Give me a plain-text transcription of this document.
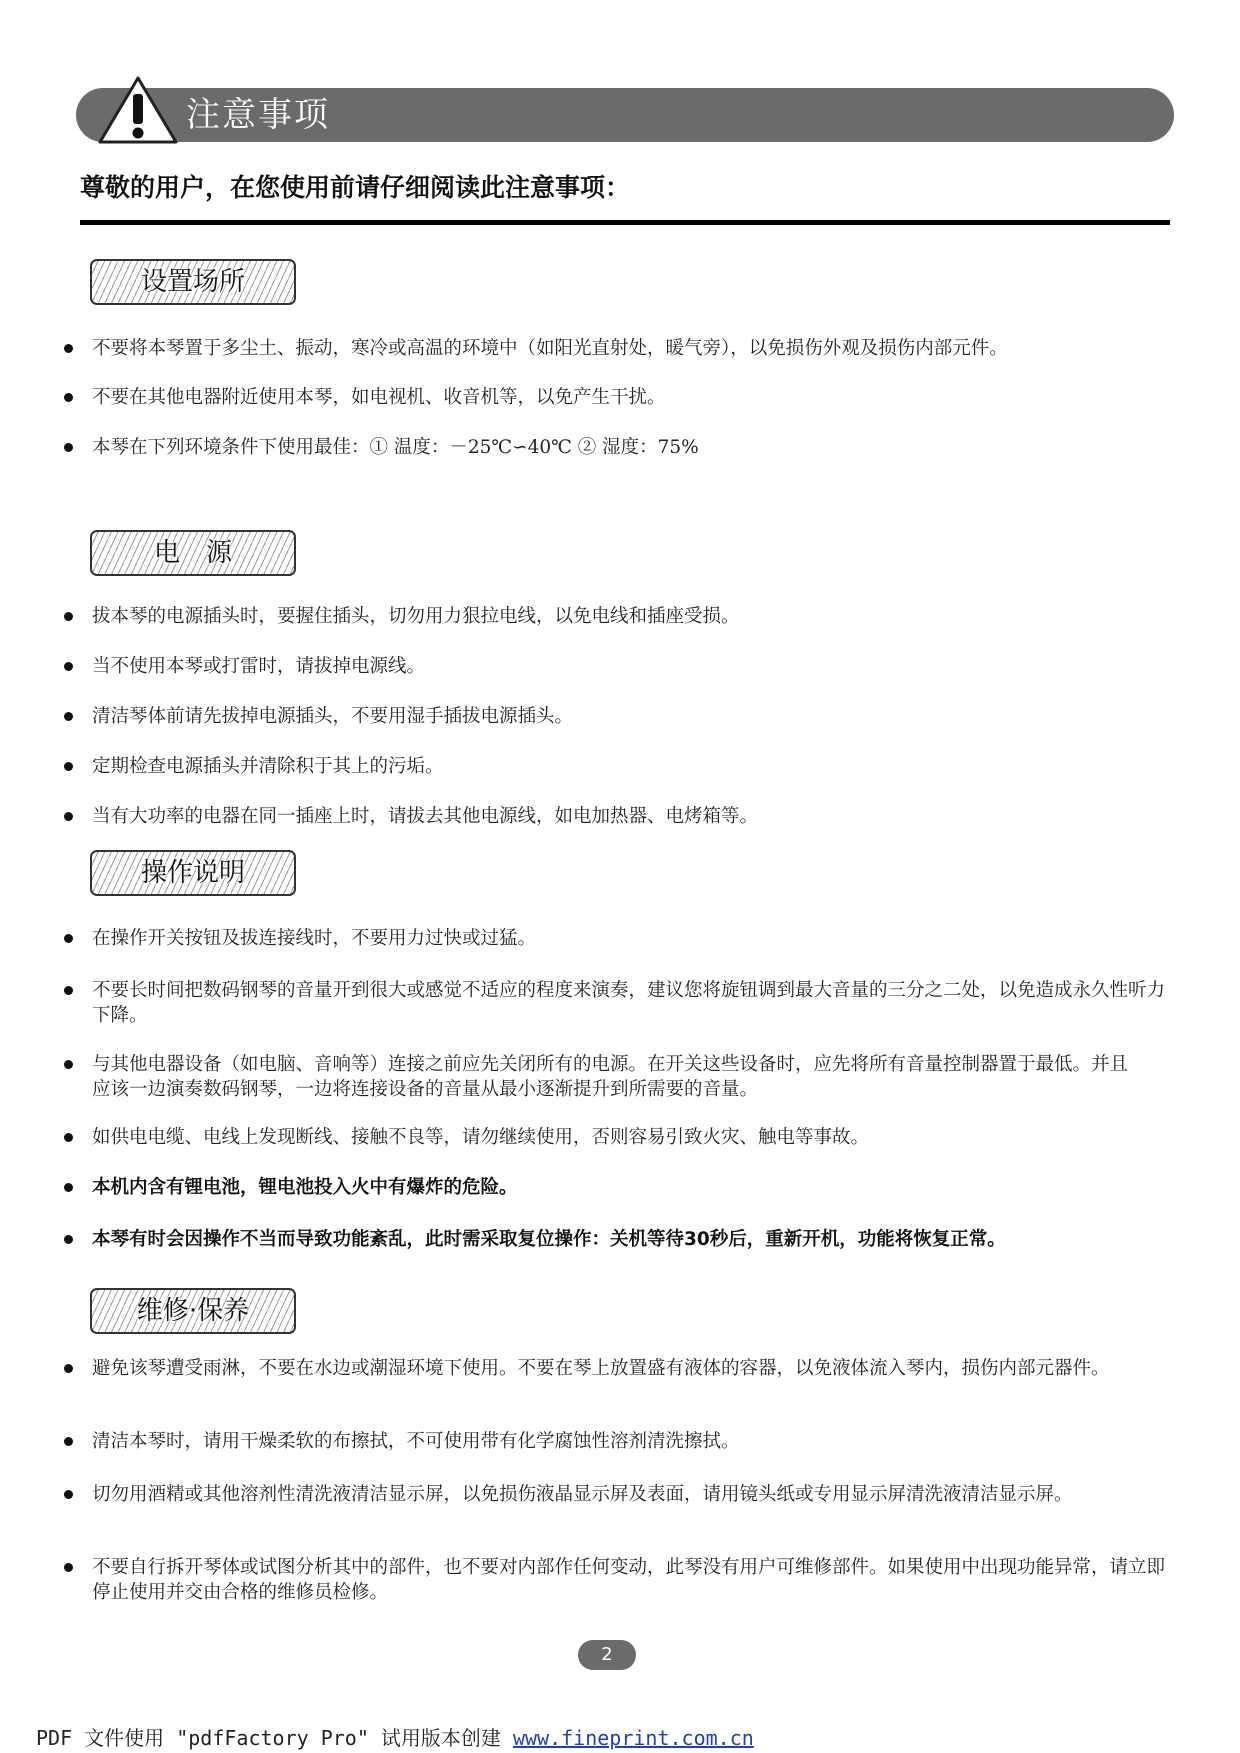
注意事项
尊敬的用户，在您使用前请仔细阅读此注意事项：
设置场所
不要将本琴置于多尘土、振动，寒冷或高温的环境中（如阳光直射处，暖气旁），以免损伤外观及损伤内部元件。
不要在其他电器附近使用本琴，如电视机、收音机等，以免产生干扰。
本琴在下列环境条件下使用最佳：① 温度：－25℃∽40℃ ② 湿度：75%
电　源
拔本琴的电源插头时，要握住插头，切勿用力狠拉电线，以免电线和插座受损。
当不使用本琴或打雷时，请拔掉电源线。
清洁琴体前请先拔掉电源插头，不要用湿手插拔电源插头。
定期检查电源插头并清除积于其上的污垢。
当有大功率的电器在同一插座上时，请拔去其他电源线，如电加热器、电烤箱等。
操作说明
在操作开关按钮及拔连接线时，不要用力过快或过猛。
不要长时间把数码钢琴的音量开到很大或感觉不适应的程度来演奏，建议您将旋钮调到最大音量的三分之二处，以免造成永久性听力下降。
与其他电器设备（如电脑、音响等）连接之前应先关闭所有的电源。在开关这些设备时，应先将所有音量控制器置于最低。并且应该一边演奏数码钢琴，一边将连接设备的音量从最小逐渐提升到所需要的音量。
如供电电缆、电线上发现断线、接触不良等，请勿继续使用，否则容易引致火灾、触电等事故。
本机内含有锂电池，锂电池投入火中有爆炸的危险。
本琴有时会因操作不当而导致功能紊乱，此时需采取复位操作：关机等待30秒后，重新开机，功能将恢复正常。
维修·保养
避免该琴遭受雨淋，不要在水边或潮湿环境下使用。不要在琴上放置盛有液体的容器，以免液体流入琴内，损伤内部元器件。
清洁本琴时，请用干燥柔软的布擦拭，不可使用带有化学腐蚀性溶剂清洗擦拭。
切勿用酒精或其他溶剂性清洗液清洁显示屏，以免损伤液晶显示屏及表面，请用镜头纸或专用显示屏清洗液清洁显示屏。
不要自行拆开琴体或试图分析其中的部件，也不要对内部作任何变动，此琴没有用户可维修部件。如果使用中出现功能异常，请立即停止使用并交由合格的维修员检修。
2
PDF 文件使用 "pdfFactory Pro" 试用版本创建 www.fineprint.com.cn
